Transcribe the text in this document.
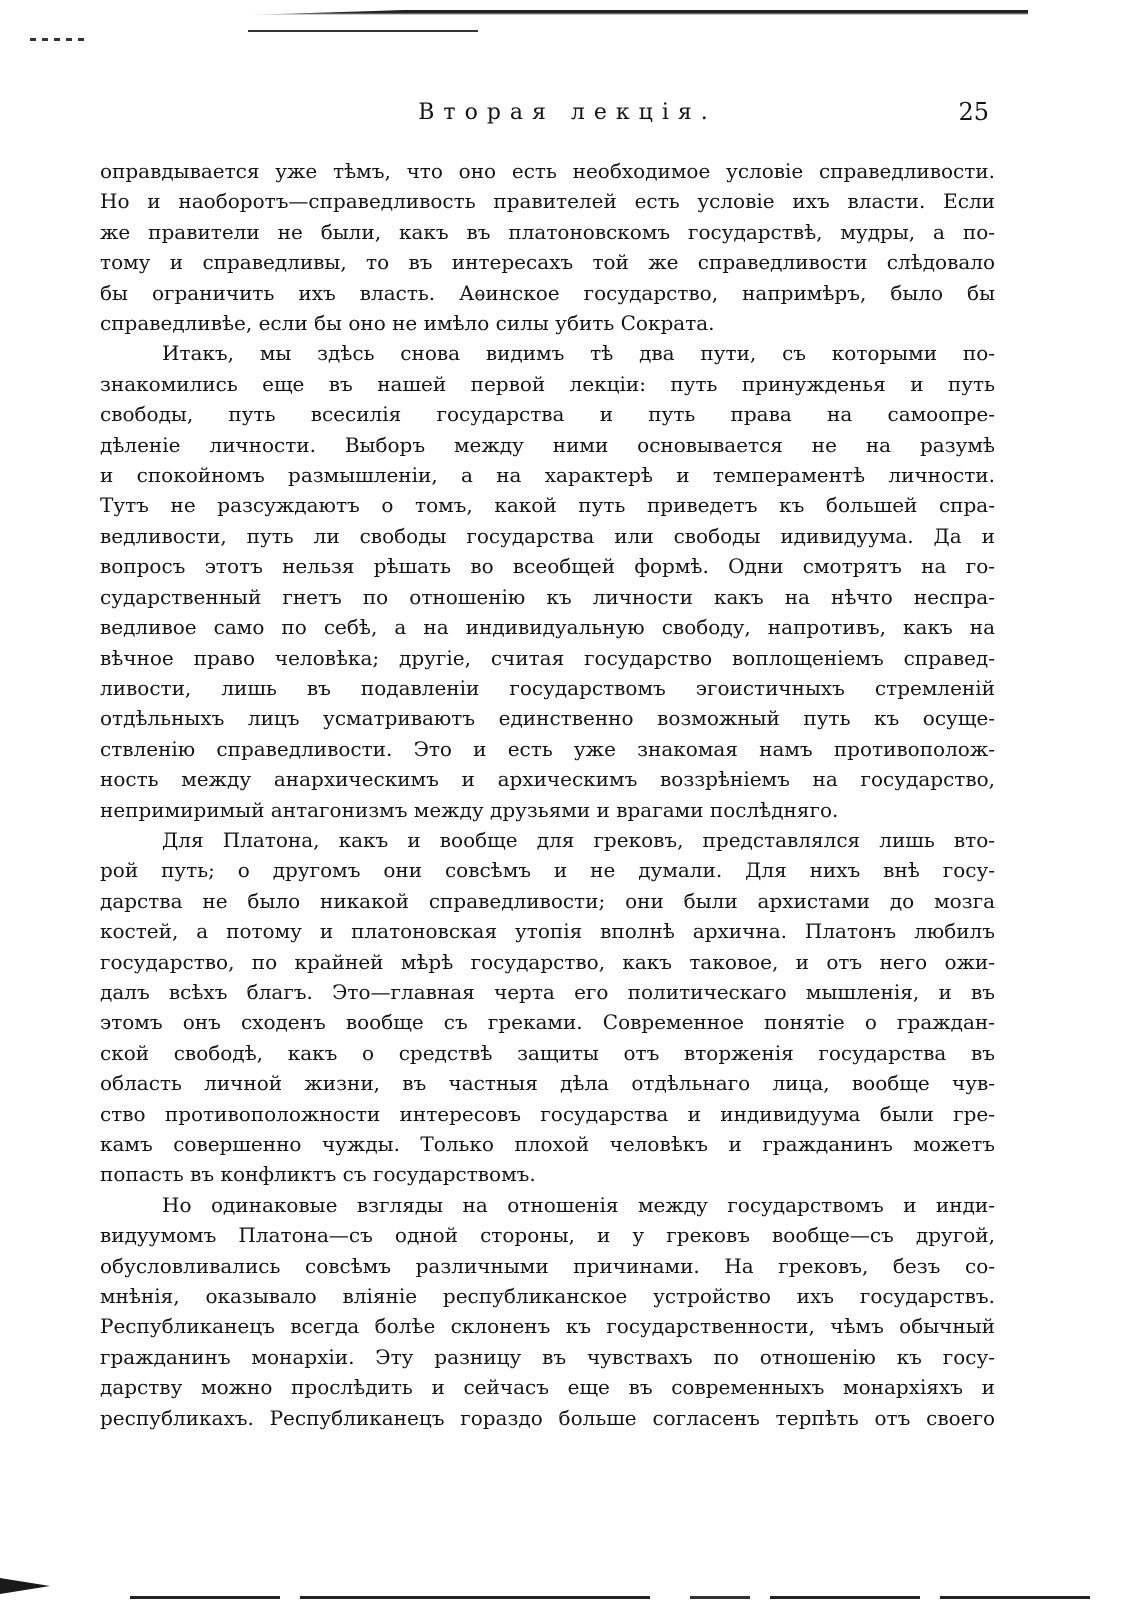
Вторая лекція.	25

оправдывается уже тѣмъ, что оно есть необходимое условіе справедливости.
Но и наоборотъ—справедливость правителей есть условіе ихъ власти. Если
же правители не были, какъ въ платоновскомъ государствѣ, мудры, а по-
тому и справедливы, то въ интересахъ той же справедливости слѣдовало
бы ограничить ихъ власть. Аѳинское государство, напримѣръ, было бы
справедливѣе, если бы оно не имѣло силы убить Сократа.

Итакъ, мы здѣсь снова видимъ тѣ два пути, съ которыми по-
знакомились еще въ нашей первой лекціи: путь принужденья и путь
свободы, путь всесилія государства и путь права на самоопре-
дѣленіе личности. Выборъ между ними основывается не на разумѣ
и спокойномъ размышленіи, а на характерѣ и темпераментѣ личности.
Тутъ не разсуждаютъ о томъ, какой путь приведетъ къ большей спра-
ведливости, путь ли свободы государства или свободы идивидуума. Да и
вопросъ этотъ нельзя рѣшать во всеобщей формѣ. Одни смотрятъ на го-
сударственный гнетъ по отношенію къ личности какъ на нѣчто неспра-
ведливое само по себѣ, а на индивидуальную свободу, напротивъ, какъ на
вѣчное право человѣка; другіе, считая государство воплощеніемъ справед-
ливости, лишь въ подавленіи государствомъ эгоистичныхъ стремленій
отдѣльныхъ лицъ усматриваютъ единственно возможный путь къ осуще-
ствленію справедливости. Это и есть уже знакомая намъ противополож-
ность между анархическимъ и архическимъ воззрѣніемъ на государство,
непримиримый антагонизмъ между друзьями и врагами послѣдняго.

Для Платона, какъ и вообще для грековъ, представлялся лишь вто-
рой путь; о другомъ они совсѣмъ и не думали. Для нихъ внѣ госу-
дарства не было никакой справедливости; они были архистами до мозга
костей, а потому и платоновская утопія вполнѣ архична. Платонъ любилъ
государство, по крайней мѣрѣ государство, какъ таковое, и отъ него ожи-
далъ всѣхъ благъ. Это—главная черта его политическаго мышленія, и въ
этомъ онъ сходенъ вообще съ греками. Современное понятіе о граждан-
ской свободѣ, какъ о средствѣ защиты отъ вторженія государства въ
область личной жизни, въ частныя дѣла отдѣльнаго лица, вообще чув-
ство противоположности интересовъ государства и индивидуума были гре-
камъ совершенно чужды. Только плохой человѣкъ и гражданинъ можетъ
попасть въ конфликтъ съ государствомъ.

Но одинаковые взгляды на отношенія между государствомъ и инди-
видуумомъ Платона—съ одной стороны, и у грековъ вообще—съ другой,
обусловливались совсѣмъ различными причинами. На грековъ, безъ со-
мнѣнія, оказывало вліяніе республиканское устройство ихъ государствъ.
Республиканецъ всегда болѣе склоненъ къ государственности, чѣмъ обычный
гражданинъ монархіи. Эту разницу въ чувствахъ по отношенію къ госу-
дарству можно прослѣдить и сейчасъ еще въ современныхъ монархіяхъ и
республикахъ. Республиканецъ гораздо больше согласенъ терпѣть отъ своего
